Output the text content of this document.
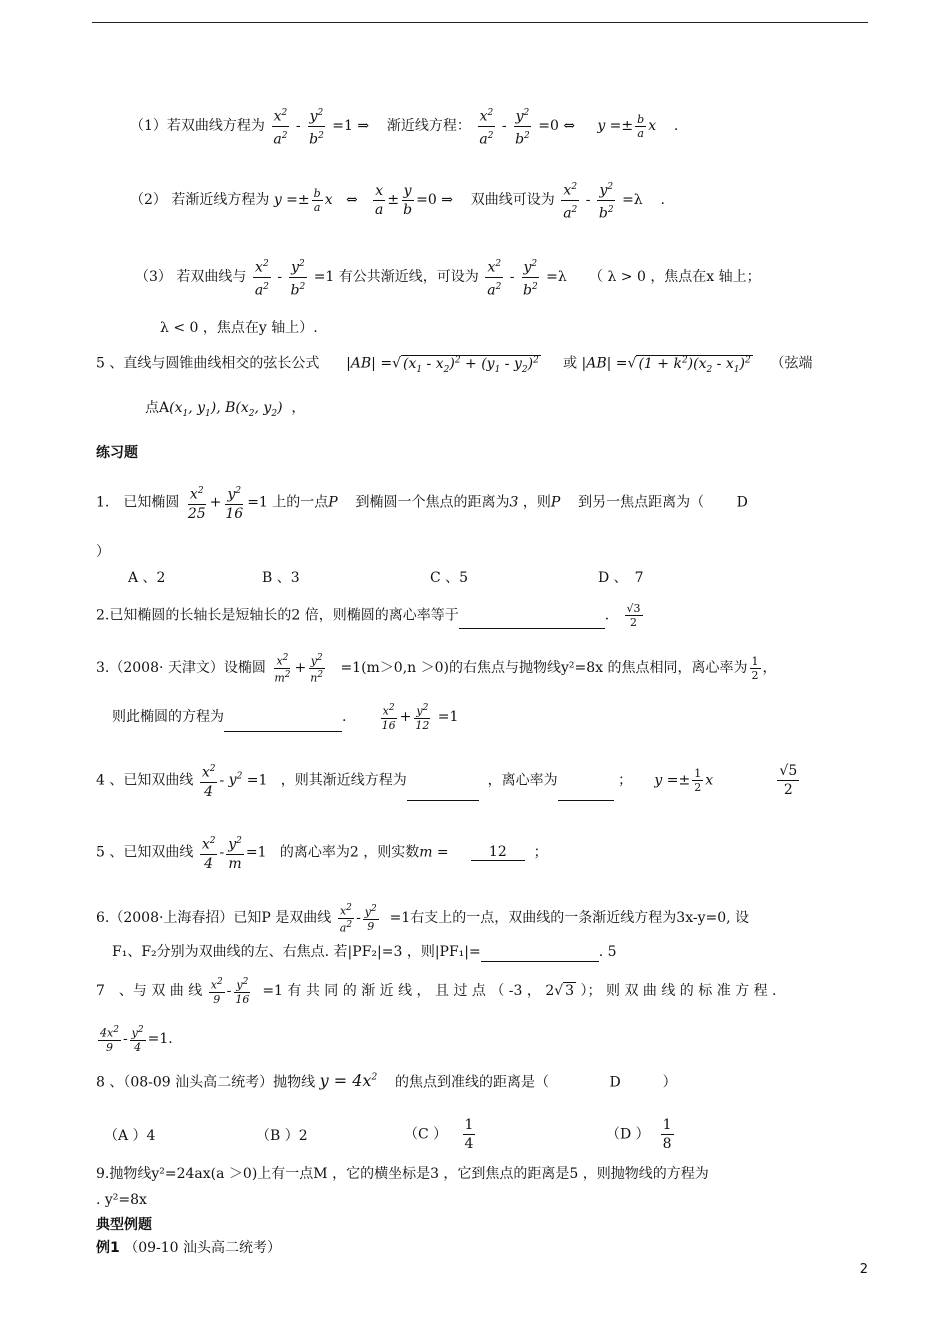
（1）若双曲线方程为 $\frac{x^2}{a^2} - \frac{y^2}{b^2} =1$ ⇒    渐近线方程： $\frac{x^2}{a^2} - \frac{y^2}{b^2} =0$ ⇔     $y =\pm \frac{b}{a}$ x    .
（2） 若渐近线方程为 $y =\pm \frac{b}{a}$ x   ⇔ $\frac{x}{a} \pm \frac{y}{b} =0$ ⇒    双曲线可设为 $\frac{x^2}{a^2} - \frac{y^2}{b^2} =\lambda$    .
（3） 若双曲线与 $\frac{x^2}{a^2} - \frac{y^2}{b^2} =1$ 有公共渐近线，可设为 $\frac{x^2}{a^2} - \frac{y^2}{b^2} =\lambda$     （ λ > 0 ，焦点在x 轴上；
λ < 0 ，焦点在y 轴上）.
5 、直线与圆锥曲线相交的弦长公式 |AB| =√ $(x_1 - x_2)^2 + (y_1 - y_2)^2$ 或 |AB| =√ $(1 + k^2)(x_2 - x_1)^2$ （弦端
点$A(x_1$, $y_1$), $B(x_2$, $y_2$)  ，
练习题
1.　已知椭圆 $\frac{x^2}{25} + \frac{y^2}{16} =1$ 上的一点P 到椭圆一个焦点的距离为3 ，则P 到另一焦点距离为（　　 D
）
A 、2	B 、3	C 、5	D 、　7
2.已知椭圆的长轴长是短轴长的2 倍，则椭圆的离心率等于	. $\frac{√3}{2}$
3.（2008· 天津文）设椭圆 $\frac{x^2}{m^2} + \frac{y^2}{n^2} =1(m>0,n >0)$的右焦点与抛物线y²=8x 的焦点相同，离心率为 $\frac{1}{2}$ ，
则此椭圆的方程为	. $\frac{x^2}{16} + \frac{y^2}{12} =1$
4 、已知双曲线 $\frac{x^2}{4} - y^2 =1$   ，则其渐近线方程为	，离心率为	；     $y =\pm \frac{1}{2}$ x	$\frac{√5}{2}$
5 、已知双曲线 $\frac{x^2}{4} - \frac{y^2}{m} =1$   的离心率为2 ，则实数m =     12  ；
6.（2008·上海春招）已知P 是双曲线 $\frac{x^2}{a^2} - \frac{y^2}{9} =1$右支上的一点，双曲线的一条渐近线方程为3x-y=0, 设
F₁、F₂分别为双曲线的左、右焦点. 若|PF₂|=3 ，则|PF₁|=	. 5
7　、与 双 曲 线 $\frac{x^2}{9} - \frac{y^2}{16} =1$ 有 共 同 的 渐 近 线 ， 且 过 点 （ -3 ， 2√ 3 ）； 则 双 曲 线 的 标 准 方 程 .
$\frac{4x^2}{9} - \frac{y^2}{4} =1$.
8 、（08-09 汕头高二统考）抛物线 $y = 4x^2$ 的焦点到准线的距离是（　　　　 D　　　）
（A ）4	（B ）2	（C ） $\frac{1}{4}$	（D ） $\frac{1}{8}$
9.抛物线y²=24ax(a ＞0)上有一点M ，它的横坐标是3 ，它到焦点的距离是5 ，则抛物线的方程为
. y²=8x
典型例题
例1 （09-10 汕头高二统考）
2
